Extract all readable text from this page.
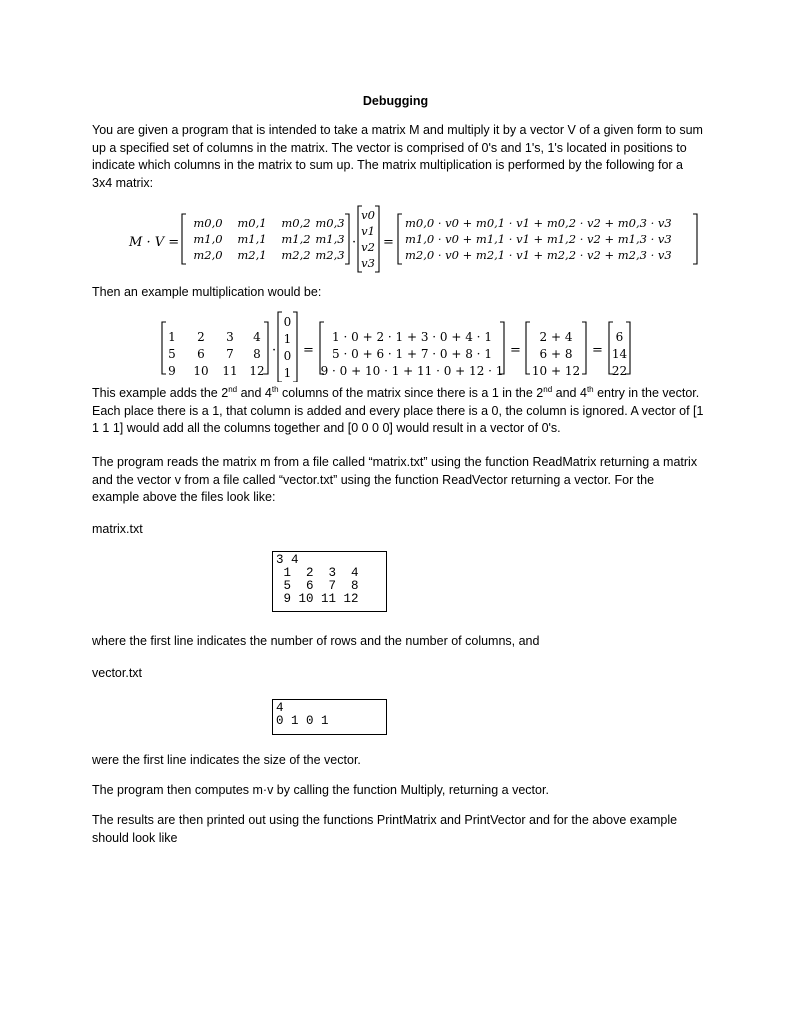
Debugging
You are given a program that is intended to take a matrix M and multiply it by a vector V of a given form to sum up a specified set of columns in the matrix. The vector is comprised of 0's and 1's, 1's located in positions to indicate which columns in the matrix to sum up. The matrix multiplication is performed by the following for a 3x4 matrix:
M · V =
m0,0 m0,1 m0,2 m0,3
m1,0 m1,1 m1,2 m1,3
m2,0 m2,1 m2,2 m2,3
·
v0
v1
v2
v3
=
m0,0 · v0 + m0,1 · v1 + m0,2 · v2 + m0,3 · v3
m1,0 · v0 + m1,1 · v1 + m1,2 · v2 + m1,3 · v3
m2,0 · v0 + m2,1 · v1 + m2,2 · v2 + m2,3 · v3
Then an example multiplication would be:
1 2 3 4
5 6 7 8
9 10 11 12
·
0
1
0
1
=
1 · 0 + 2 · 1 + 3 · 0 + 4 · 1
5 · 0 + 6 · 1 + 7 · 0 + 8 · 1
9 · 0 + 10 · 1 + 11 · 0 + 12 · 1
=
2 + 4
6 + 8
10 + 12
=
6
14
22
This example adds the 2nd and 4th columns of the matrix since there is a 1 in the 2nd and 4th entry in the vector. Each place there is a 1, that column is added and every place there is a 0, the column is ignored. A vector of [1 1 1 1] would add all the columns together and [0 0 0 0] would result in a vector of 0's.
The program reads the matrix m from a file called “matrix.txt” using the function ReadMatrix returning a matrix and the vector v from a file called “vector.txt” using the function ReadVector returning a vector. For the example above the files look like:
matrix.txt
3 4
1  2  3  4
5  6  7  8
9 10 11 12
where the first line indicates the number of rows and the number of columns, and
vector.txt
4
0 1 0 1
were the first line indicates the size of the vector.
The program then computes m·v by calling the function Multiply, returning a vector.
The results are then printed out using the functions PrintMatrix and PrintVector and for the above example should look like
